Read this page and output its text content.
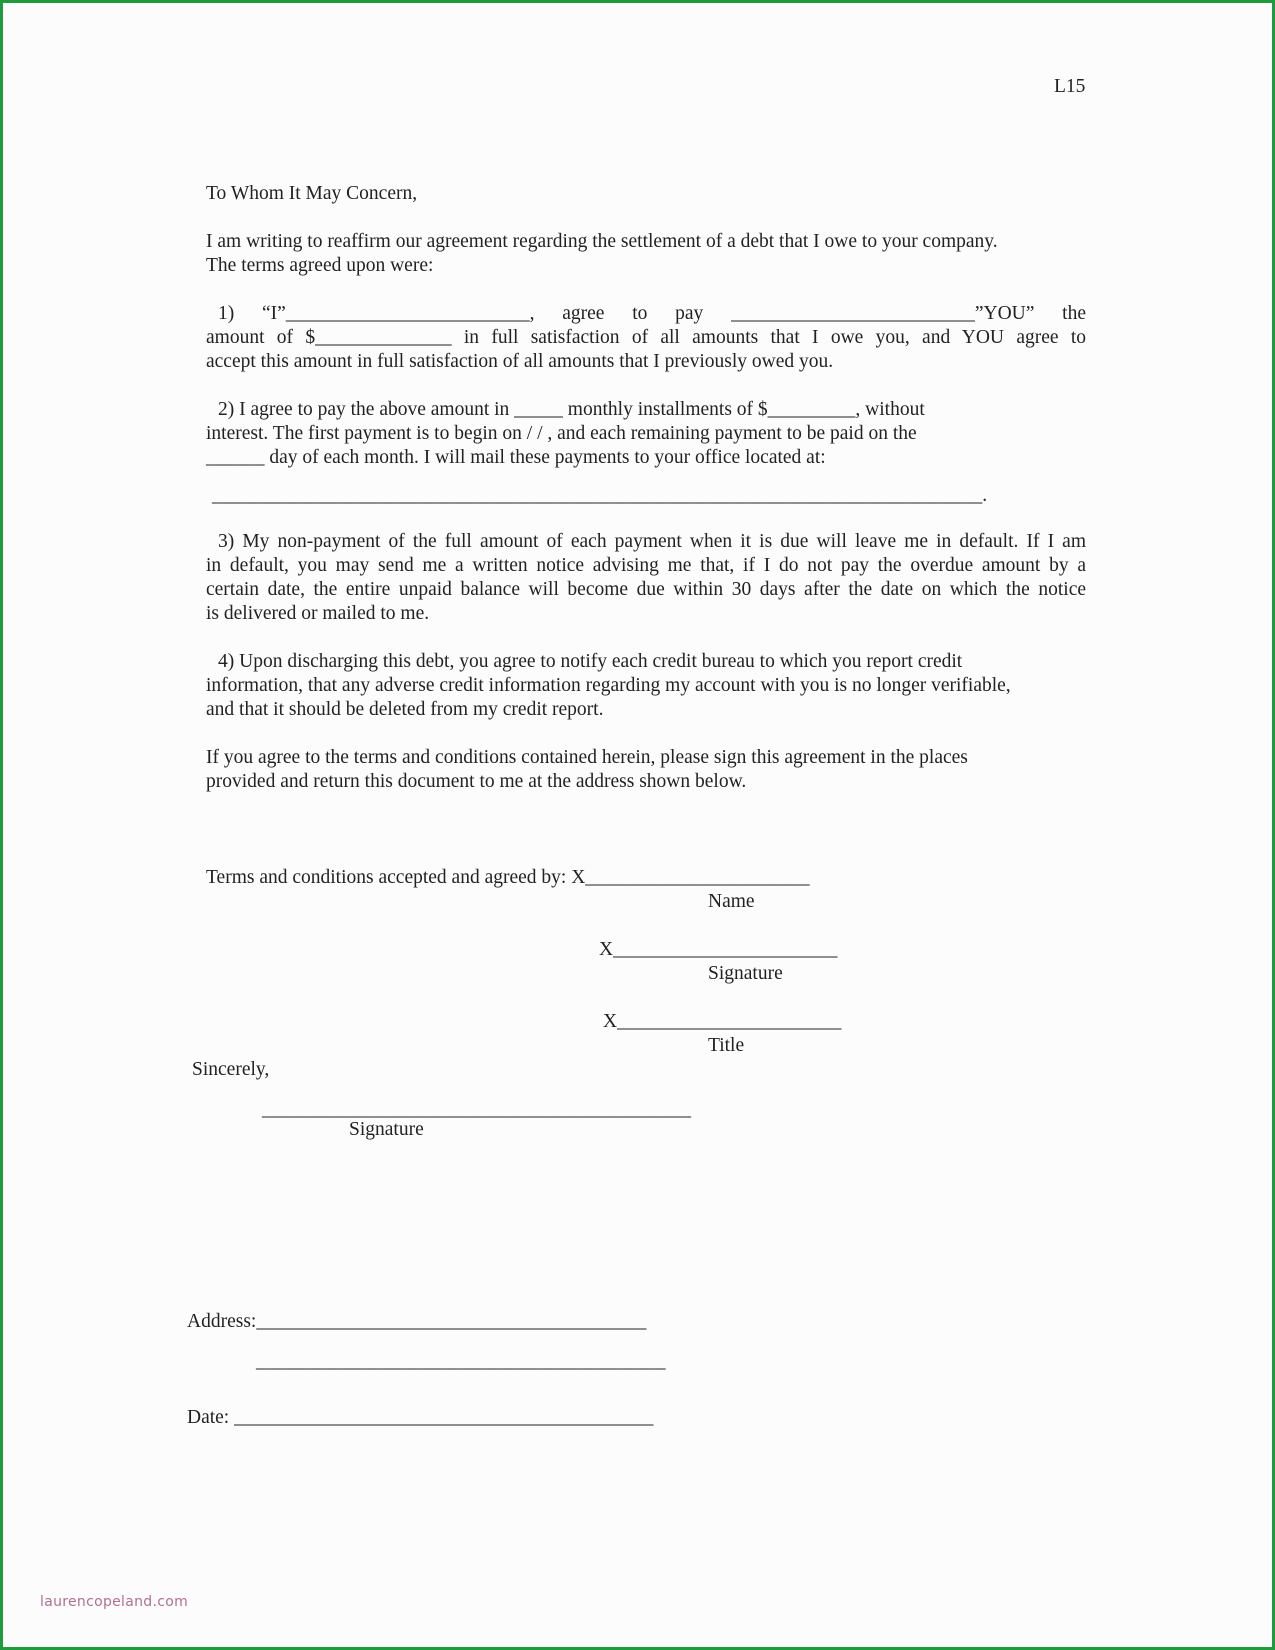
L15
To Whom It May Concern,

I am writing to reaffirm our agreement regarding the settlement of a debt that I owe to your company.

The terms agreed upon were:

1) “I”_________________________, agree to pay _________________________”YOU” the

amount of $______________ in full satisfaction of all amounts that I owe you, and YOU agree to

accept this amount in full satisfaction of all amounts that I previously owed you.

2) I agree to pay the above amount in _____ monthly installments of $_________, without

interest. The first payment is to begin on / / , and each remaining payment to be paid on the

______ day of each month. I will mail these payments to your office located at:

_______________________________________________________________________________.

3) My non-payment of the full amount of each payment when it is due will leave me in default. If I am

in default, you may send me a written notice advising me that, if I do not pay the overdue amount by a

certain date, the entire unpaid balance will become due within 30 days after the date on which the notice

is delivered or mailed to me.

4) Upon discharging this debt, you agree to notify each credit bureau to which you report credit

information, that any adverse credit information regarding my account with you is no longer verifiable,

and that it should be deleted from my credit report.

If you agree to the terms and conditions contained herein, please sign this agreement in the places

provided and return this document to me at the address shown below.

Terms and conditions accepted and agreed by: X_______________________
Name
X_______________________
Signature
X_______________________
Title
Sincerely,
____________________________________________
Signature
Address:________________________________________
__________________________________________
Date: ___________________________________________
laurencopeland.com
